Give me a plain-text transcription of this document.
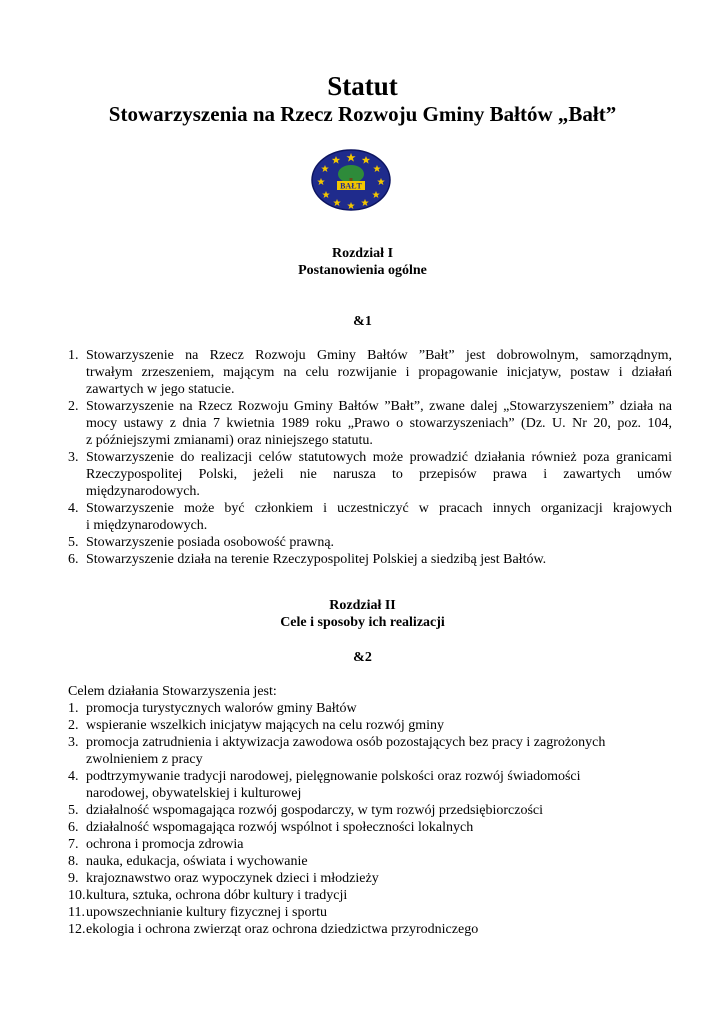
Statut
Stowarzyszenia na Rzecz Rozwoju Gminy Bałtów „Bałt”
BAŁT
Rozdział I
Postanowienia ogólne
&1
1. Stowarzyszenie na Rzecz Rozwoju Gminy Bałtów ”Bałt” jest dobrowolnym, samorządnym,
trwałym zrzeszeniem, mającym na celu rozwijanie i propagowanie inicjatyw, postaw i działań
zawartych w jego statucie.
2. Stowarzyszenie na Rzecz Rozwoju Gminy Bałtów ”Bałt”, zwane dalej „Stowarzyszeniem” działa na
mocy ustawy z dnia 7 kwietnia 1989 roku „Prawo o stowarzyszeniach” (Dz. U. Nr 20, poz. 104,
z późniejszymi zmianami) oraz niniejszego statutu.
3. Stowarzyszenie do realizacji celów statutowych może prowadzić działania również poza granicami
Rzeczypospolitej Polski, jeżeli nie narusza to przepisów prawa i zawartych umów
międzynarodowych.
4. Stowarzyszenie może być członkiem i uczestniczyć w pracach innych organizacji krajowych
i międzynarodowych.
5. Stowarzyszenie posiada osobowość prawną.
6. Stowarzyszenie działa na terenie Rzeczypospolitej Polskiej a siedzibą jest Bałtów.
Rozdział II
Cele i sposoby ich realizacji
&2
Celem działania Stowarzyszenia jest:
1. promocja turystycznych walorów gminy Bałtów
2. wspieranie wszelkich inicjatyw mających na celu rozwój gminy
3. promocja zatrudnienia i aktywizacja zawodowa osób pozostających bez pracy i zagrożonych
zwolnieniem z pracy
4. podtrzymywanie tradycji narodowej, pielęgnowanie polskości oraz rozwój świadomości
narodowej, obywatelskiej i kulturowej
5. działalność wspomagająca rozwój gospodarczy, w tym rozwój przedsiębiorczości
6. działalność wspomagająca rozwój wspólnot i społeczności lokalnych
7. ochrona i promocja zdrowia
8. nauka, edukacja, oświata i wychowanie
9. krajoznawstwo oraz wypoczynek dzieci i młodzieży
10. kultura, sztuka, ochrona dóbr kultury i tradycji
11. upowszechnianie kultury fizycznej i sportu
12. ekologia i ochrona zwierząt oraz ochrona dziedzictwa przyrodniczego
